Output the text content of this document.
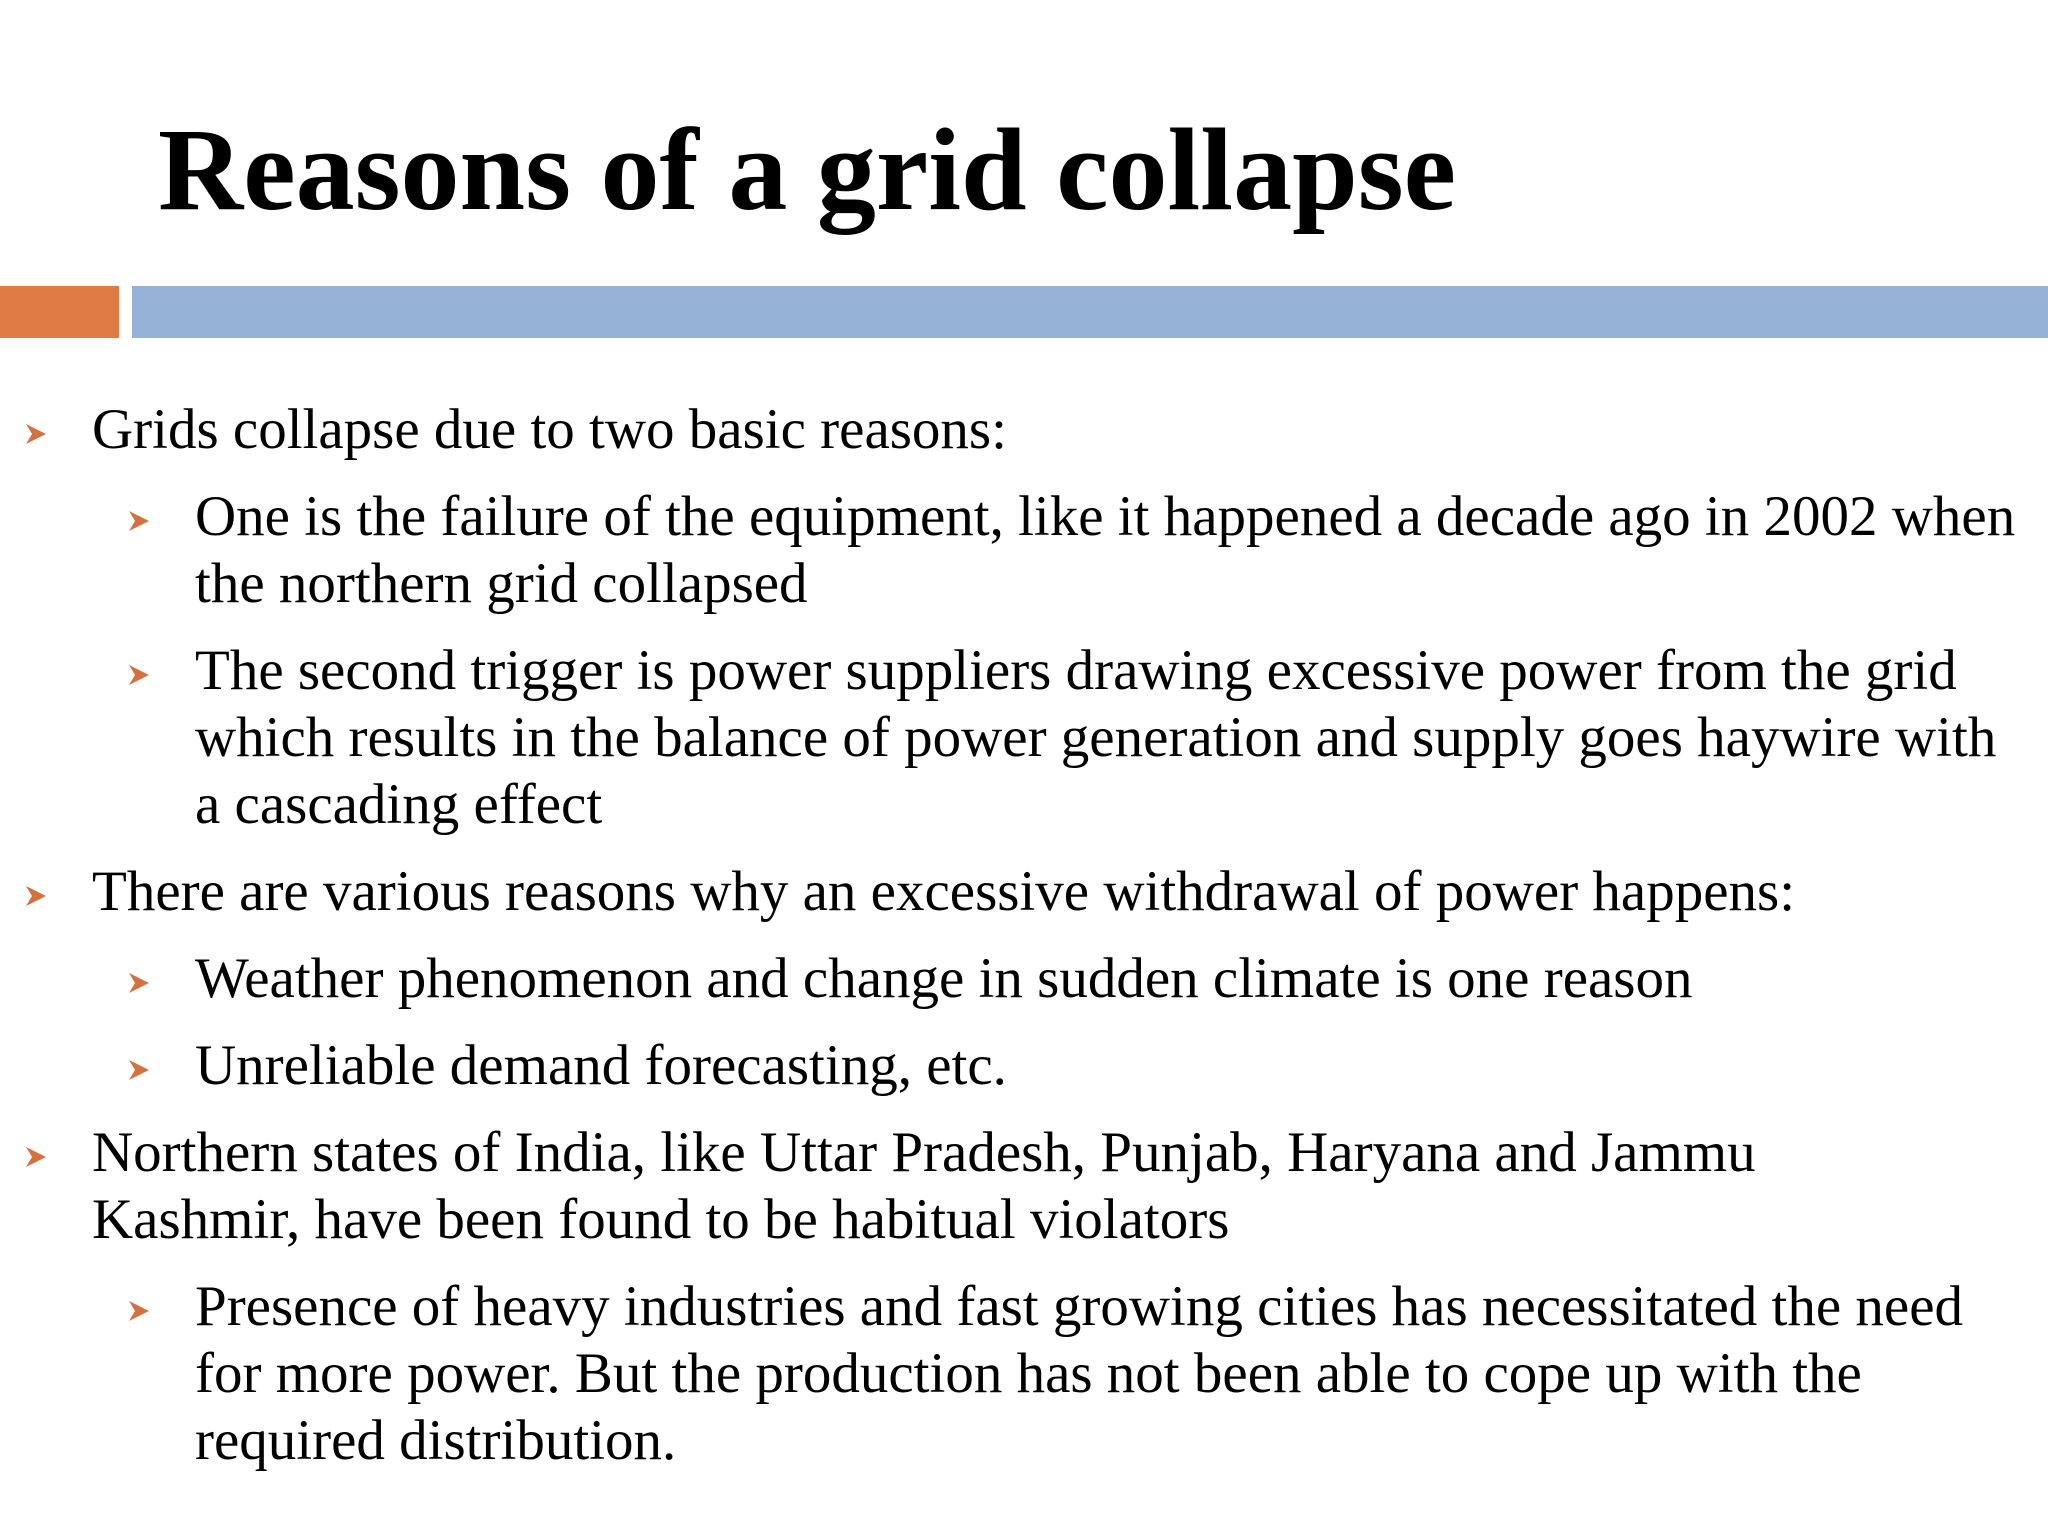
Reasons of a grid collapse
Grids collapse due to two basic reasons:
One is the failure of the equipment, like it happened a decade ago in 2002 when the northern grid collapsed
The second trigger is power suppliers drawing excessive power from the grid which results in the balance of power generation and supply goes haywire with a cascading effect
There are various reasons why an excessive withdrawal of power happens:
Weather phenomenon and change in sudden climate is one reason
Unreliable demand forecasting, etc.
Northern states of India, like Uttar Pradesh, Punjab, Haryana and Jammu Kashmir, have been found to be habitual violators
Presence of heavy industries and fast growing cities has necessitated the need for more power. But the production has not been able to cope up with the required distribution.
